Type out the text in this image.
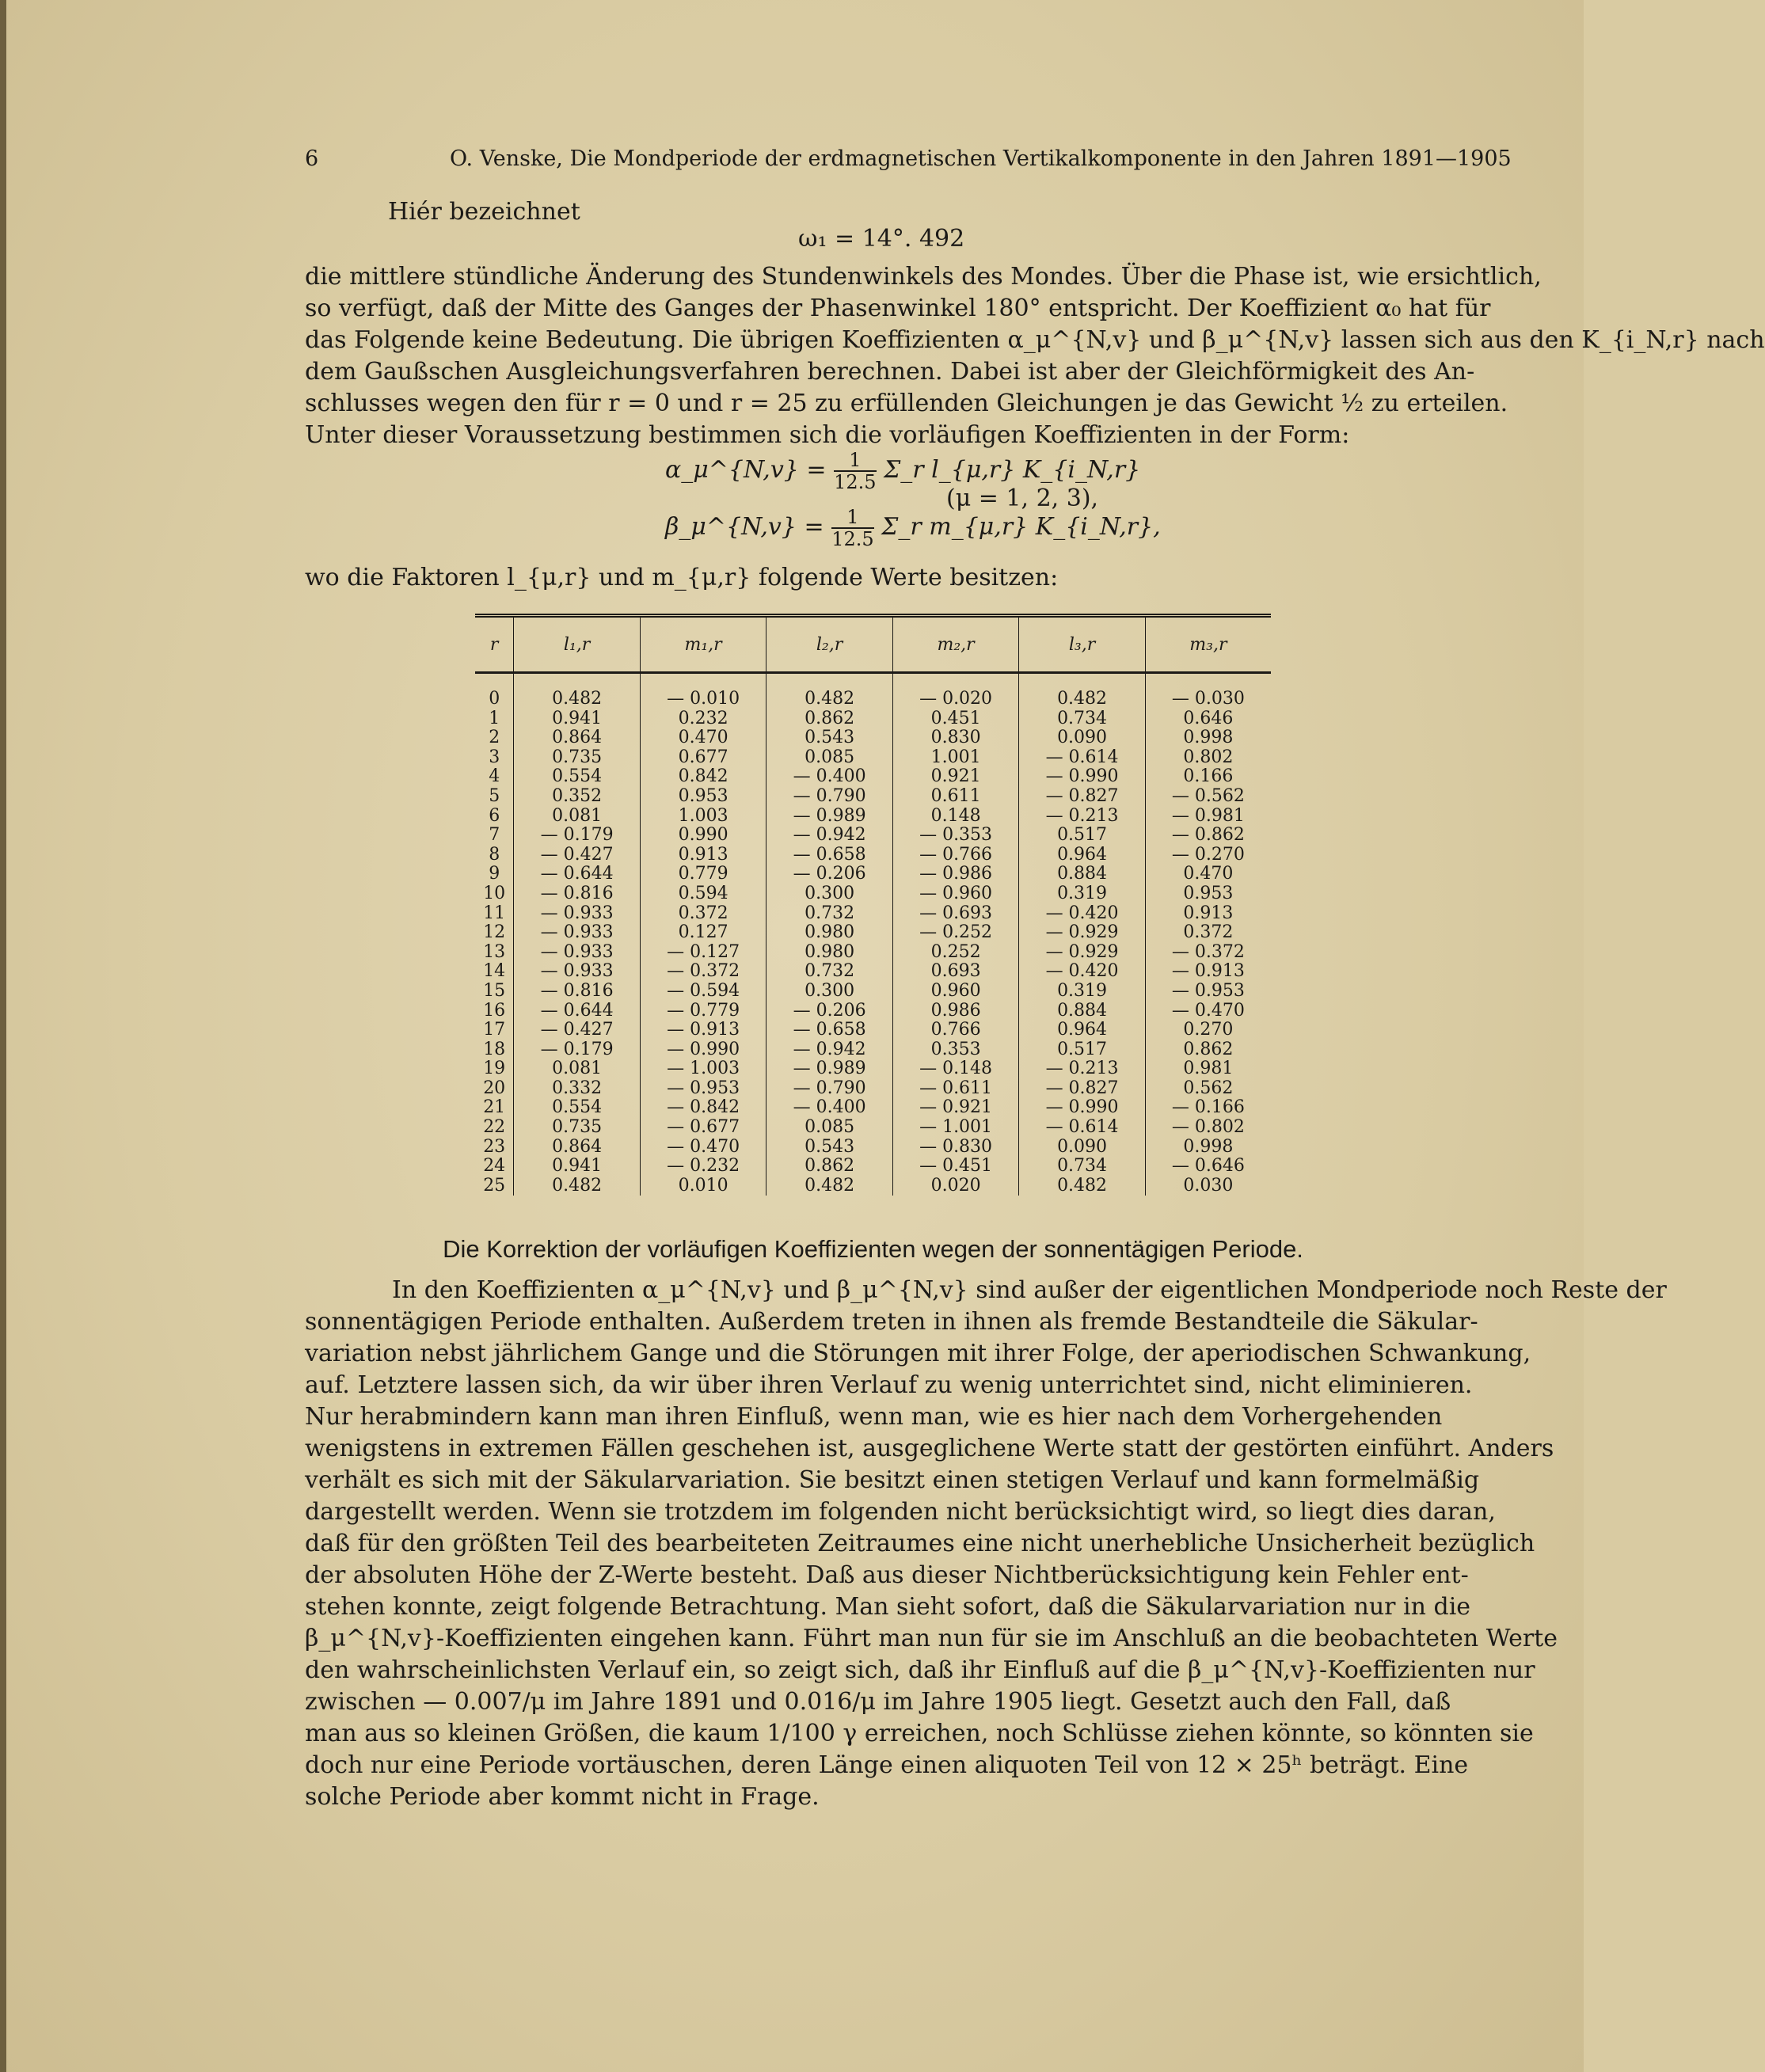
6	O. Venske, Die Mondperiode der erdmagnetischen Vertikalkomponente in den Jahren 1891—1905
Hiér bezeichnet
ω₁ = 14°. 492
die mittlere stündliche Änderung des Stundenwinkels des Mondes. Über die Phase ist, wie ersichtlich,
so verfügt, daß der Mitte des Ganges der Phasenwinkel 180° entspricht. Der Koeffizient α₀ hat für
das Folgende keine Bedeutung. Die übrigen Koeffizienten α_μ^{N,v} und β_μ^{N,v} lassen sich aus den K_{i_N,r} nach
dem Gaußschen Ausgleichungsverfahren berechnen. Dabei ist aber der Gleichförmigkeit des An-
schlusses wegen den für r = 0 und r = 25 zu erfüllenden Gleichungen je das Gewicht ½ zu erteilen.
Unter dieser Voraussetzung bestimmen sich die vorläufigen Koeffizienten in der Form:
α_μ^{N,v} = $\frac{1}{12.5}$ Σ_r l_{μ,r} K_{i_N,r}
β_μ^{N,v} = $\frac{1}{12.5}$ Σ_r m_{μ,r} K_{i_N,r},
(μ = 1, 2, 3),
wo die Faktoren l_{μ,r} und m_{μ,r} folgende Werte besitzen:
r	l₁,r	m₁,r	l₂,r	m₂,r	l₃,r	m₃,r
0	0.482	— 0.010	0.482	— 0.020	0.482	— 0.030
1	0.941	0.232	0.862	0.451	0.734	0.646
2	0.864	0.470	0.543	0.830	0.090	0.998
3	0.735	0.677	0.085	1.001	— 0.614	0.802
4	0.554	0.842	— 0.400	0.921	— 0.990	0.166
5	0.352	0.953	— 0.790	0.611	— 0.827	— 0.562
6	0.081	1.003	— 0.989	0.148	— 0.213	— 0.981
7	— 0.179	0.990	— 0.942	— 0.353	0.517	— 0.862
8	— 0.427	0.913	— 0.658	— 0.766	0.964	— 0.270
9	— 0.644	0.779	— 0.206	— 0.986	0.884	0.470
10	— 0.816	0.594	0.300	— 0.960	0.319	0.953
11	— 0.933	0.372	0.732	— 0.693	— 0.420	0.913
12	— 0.933	0.127	0.980	— 0.252	— 0.929	0.372
13	— 0.933	— 0.127	0.980	0.252	— 0.929	— 0.372
14	— 0.933	— 0.372	0.732	0.693	— 0.420	— 0.913
15	— 0.816	— 0.594	0.300	0.960	0.319	— 0.953
16	— 0.644	— 0.779	— 0.206	0.986	0.884	— 0.470
17	— 0.427	— 0.913	— 0.658	0.766	0.964	0.270
18	— 0.179	— 0.990	— 0.942	0.353	0.517	0.862
19	0.081	— 1.003	— 0.989	— 0.148	— 0.213	0.981
20	0.332	— 0.953	— 0.790	— 0.611	— 0.827	0.562
21	0.554	— 0.842	— 0.400	— 0.921	— 0.990	— 0.166
22	0.735	— 0.677	0.085	— 1.001	— 0.614	— 0.802
23	0.864	— 0.470	0.543	— 0.830	0.090	0.998
24	0.941	— 0.232	0.862	— 0.451	0.734	— 0.646
25	0.482	0.010	0.482	0.020	0.482	0.030
Die Korrektion der vorläufigen Koeffizienten wegen der sonnentägigen Periode.
In den Koeffizienten α_μ^{N,v} und β_μ^{N,v} sind außer der eigentlichen Mondperiode noch Reste der
sonnentägigen Periode enthalten. Außerdem treten in ihnen als fremde Bestandteile die Säkular-
variation nebst jährlichem Gange und die Störungen mit ihrer Folge, der aperiodischen Schwankung,
auf. Letztere lassen sich, da wir über ihren Verlauf zu wenig unterrichtet sind, nicht eliminieren.
Nur herabmindern kann man ihren Einfluß, wenn man, wie es hier nach dem Vorhergehenden
wenigstens in extremen Fällen geschehen ist, ausgeglichene Werte statt der gestörten einführt. Anders
verhält es sich mit der Säkularvariation. Sie besitzt einen stetigen Verlauf und kann formelmäßig
dargestellt werden. Wenn sie trotzdem im folgenden nicht berücksichtigt wird, so liegt dies daran,
daß für den größten Teil des bearbeiteten Zeitraumes eine nicht unerhebliche Unsicherheit bezüglich
der absoluten Höhe der Z-Werte besteht. Daß aus dieser Nichtberücksichtigung kein Fehler ent-
stehen konnte, zeigt folgende Betrachtung. Man sieht sofort, daß die Säkularvariation nur in die
β_μ^{N,v}-Koeffizienten eingehen kann. Führt man nun für sie im Anschluß an die beobachteten Werte
den wahrscheinlichsten Verlauf ein, so zeigt sich, daß ihr Einfluß auf die β_μ^{N,v}-Koeffizienten nur
zwischen — 0.007/μ im Jahre 1891 und 0.016/μ im Jahre 1905 liegt. Gesetzt auch den Fall, daß
man aus so kleinen Größen, die kaum 1/100 γ erreichen, noch Schlüsse ziehen könnte, so könnten sie
doch nur eine Periode vortäuschen, deren Länge einen aliquoten Teil von 12 × 25ʰ beträgt. Eine
solche Periode aber kommt nicht in Frage.
